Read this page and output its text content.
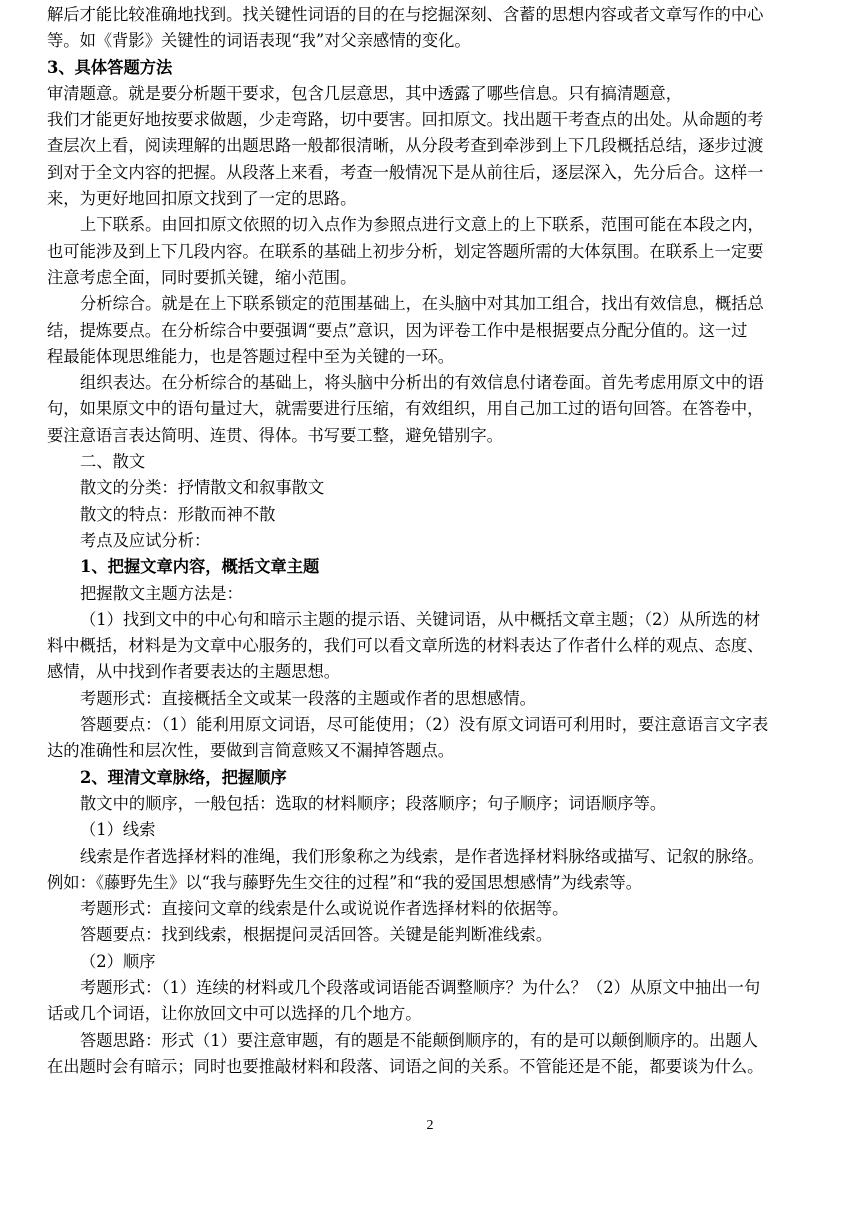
解后才能比较准确地找到。找关键性词语的目的在与挖掘深刻、含蓄的思想内容或者文章写作的中心
等。如《背影》关键性的词语表现“我”对父亲感情的变化。
3、具体答题方法
审清题意。就是要分析题干要求，包含几层意思，其中透露了哪些信息。只有搞清题意，
我们才能更好地按要求做题，少走弯路，切中要害。回扣原文。找出题干考查点的出处。从命题的考
查层次上看，阅读理解的出题思路一般都很清晰，从分段考查到牵涉到上下几段概括总结，逐步过渡
到对于全文内容的把握。从段落上来看，考查一般情况下是从前往后，逐层深入，先分后合。这样一
来，为更好地回扣原文找到了一定的思路。
上下联系。由回扣原文依照的切入点作为参照点进行文意上的上下联系，范围可能在本段之内，
也可能涉及到上下几段内容。在联系的基础上初步分析，划定答题所需的大体氛围。在联系上一定要
注意考虑全面，同时要抓关键，缩小范围。
分析综合。就是在上下联系锁定的范围基础上，在头脑中对其加工组合，找出有效信息，概括总
结，提炼要点。在分析综合中要强调“要点”意识，因为评卷工作中是根据要点分配分值的。这一过
程最能体现思维能力，也是答题过程中至为关键的一环。
组织表达。在分析综合的基础上，将头脑中分析出的有效信息付诸卷面。首先考虑用原文中的语
句，如果原文中的语句量过大，就需要进行压缩，有效组织，用自己加工过的语句回答。在答卷中，
要注意语言表达简明、连贯、得体。书写要工整，避免错别字。
二、散文
散文的分类：抒情散文和叙事散文
散文的特点：形散而神不散
考点及应试分析：
1、把握文章内容，概括文章主题
把握散文主题方法是：
（1）找到文中的中心句和暗示主题的提示语、关键词语，从中概括文章主题；（2）从所选的材
料中概括，材料是为文章中心服务的，我们可以看文章所选的材料表达了作者什么样的观点、态度、
感情，从中找到作者要表达的主题思想。
考题形式：直接概括全文或某一段落的主题或作者的思想感情。
答题要点：（1）能利用原文词语，尽可能使用；（2）没有原文词语可利用时，要注意语言文字表
达的准确性和层次性，要做到言简意赅又不漏掉答题点。
2、理清文章脉络，把握顺序
散文中的顺序，一般包括：选取的材料顺序；段落顺序；句子顺序；词语顺序等。
（1）线索
线索是作者选择材料的准绳，我们形象称之为线索，是作者选择材料脉络或描写、记叙的脉络。
例如：《藤野先生》以“我与藤野先生交往的过程”和“我的爱国思想感情”为线索等。
考题形式：直接问文章的线索是什么或说说作者选择材料的依据等。
答题要点：找到线索，根据提问灵活回答。关键是能判断准线索。
（2）顺序
考题形式：（1）连续的材料或几个段落或词语能否调整顺序？为什么？（2）从原文中抽出一句
话或几个词语，让你放回文中可以选择的几个地方。
答题思路：形式（1）要注意审题，有的题是不能颠倒顺序的，有的是可以颠倒顺序的。出题人
在出题时会有暗示；同时也要推敲材料和段落、词语之间的关系。不管能还是不能，都要谈为什么。
2
